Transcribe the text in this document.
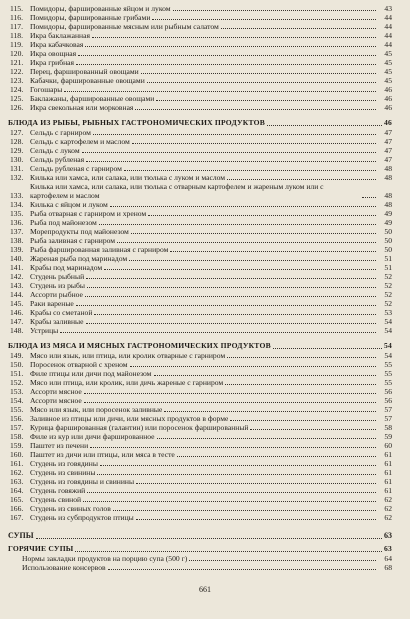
115. Помидоры, фаршированные яйцом и луком	43
116. Помидоры, фаршированные грибами	44
117. Помидоры, фаршированные мясным или рыбным салатом	44
118. Икра баклажанная	44
119. Икра кабачковая	44
120. Икра овощная	45
121. Икра грибная	45
122. Перец, фаршированный овощами	45
123. Кабачки, фаршированные овощами	45
124. Гогошары	46
125. Баклажаны, фаршированные овощами	46
126. Икра свекольная или морковная	46
БЛЮДА ИЗ РЫБЫ, РЫБНЫХ ГАСТРОНОМИЧЕСКИХ ПРОДУКТОВ	46
127. Сельдь с гарниром	47
128. Сельдь с картофелем и маслом	47
129. Сельдь с луком	47
130. Сельдь рубленая	47
131. Сельдь рубленая с гарниром	48
132. Килька или хамса, или салака, или тюлька с луком и маслом	48
133.
Килька или хамса, или салака, или тюлька с отварным картофелем и жареным луком или с картофелем и маслом	48
134. Килька с яйцом и луком	48
135. Рыба отварная с гарниром и хреном	49
136. Рыба под майонезом	49
137. Морепродукты под майонезом	50
138. Рыба заливная с гарниром	50
139. Рыба фаршированная заливная с гарниром	50
140. Жареная рыба под маринадом	51
141. Крабы под маринадом	51
142. Студень рыбный	52
143. Студень из рыбы	52
144. Ассорти рыбное	52
145. Раки вареные	52
146. Крабы со сметаной	53
147. Крабы заливные	54
148. Устрицы	54
БЛЮДА ИЗ МЯСА И МЯСНЫХ ГАСТРОНОМИЧЕСКИХ ПРОДУКТОВ	54
149. Мясо или язык, или птица, или кролик отварные с гарниром	54
150. Поросенок отварной с хреном	55
151. Филе птицы или дичи под майонезом	55
152. Мясо или птица, или кролик, или дичь жареные с гарниром	55
153. Ассорти мясное	56
154. Ассорти мясное	56
155. Мясо или язык, или поросенок заливные	57
156. Заливное из птицы или дичи, или мясных продуктов в форме	57
157. Курица фаршированная (галантин) или поросенок фаршированный	58
158. Филе из кур или дичи фаршированное	59
159. Паштет из печени	60
160. Паштет из дичи или птицы, или мяса в тесте	61
161. Студень из говядины	61
162. Студень из свинины	61
163. Студень из говядины и свинины	61
164. Студень говяжий	61
165. Студень свиной	62
166. Студень из свиных голов	62
167. Студень из субпродуктов птицы	62
СУПЫ	63
ГОРЯЧИЕ СУПЫ	63
Нормы закладки продуктов на порцию супа (500 г)	64
Использование консервов	68
661
